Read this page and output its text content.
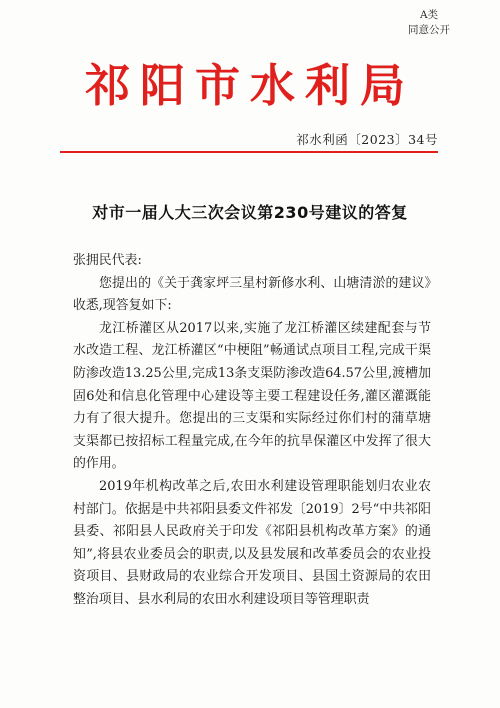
A类
同意公开
祁阳市水利局
祁水利函〔2023〕34号
对市一届人大三次会议第230号建议的答复

张拥民代表:

您提出的《关于龚家坪三星村新修水利、山塘清淤的建议》收悉,现答复如下:

龙江桥灌区从2017以来,实施了龙江桥灌区续建配套与节水改造工程、龙江桥灌区“中梗阻”畅通试点项目工程,完成干渠防渗改造13.25公里,完成13条支渠防渗改造64.57公里,渡槽加固6处和信息化管理中心建设等主要工程建设任务,灌区灌溉能力有了很大提升。您提出的三支渠和实际经过你们村的蒲草塘支渠都已按招标工程量完成,在今年的抗旱保灌区中发挥了很大的作用。

2019年机构改革之后,农田水利建设管理职能划归农业农村部门。依据是中共祁阳县委文件祁发〔2019〕2号“中共祁阳县委、祁阳县人民政府关于印发《祁阳县机构改革方案》的通知”,将县农业委员会的职责,以及县发展和改革委员会的农业投资项目、县财政局的农业综合开发项目、县国土资源局的农田整治项目、县水利局的农田水利建设项目等管理职责
